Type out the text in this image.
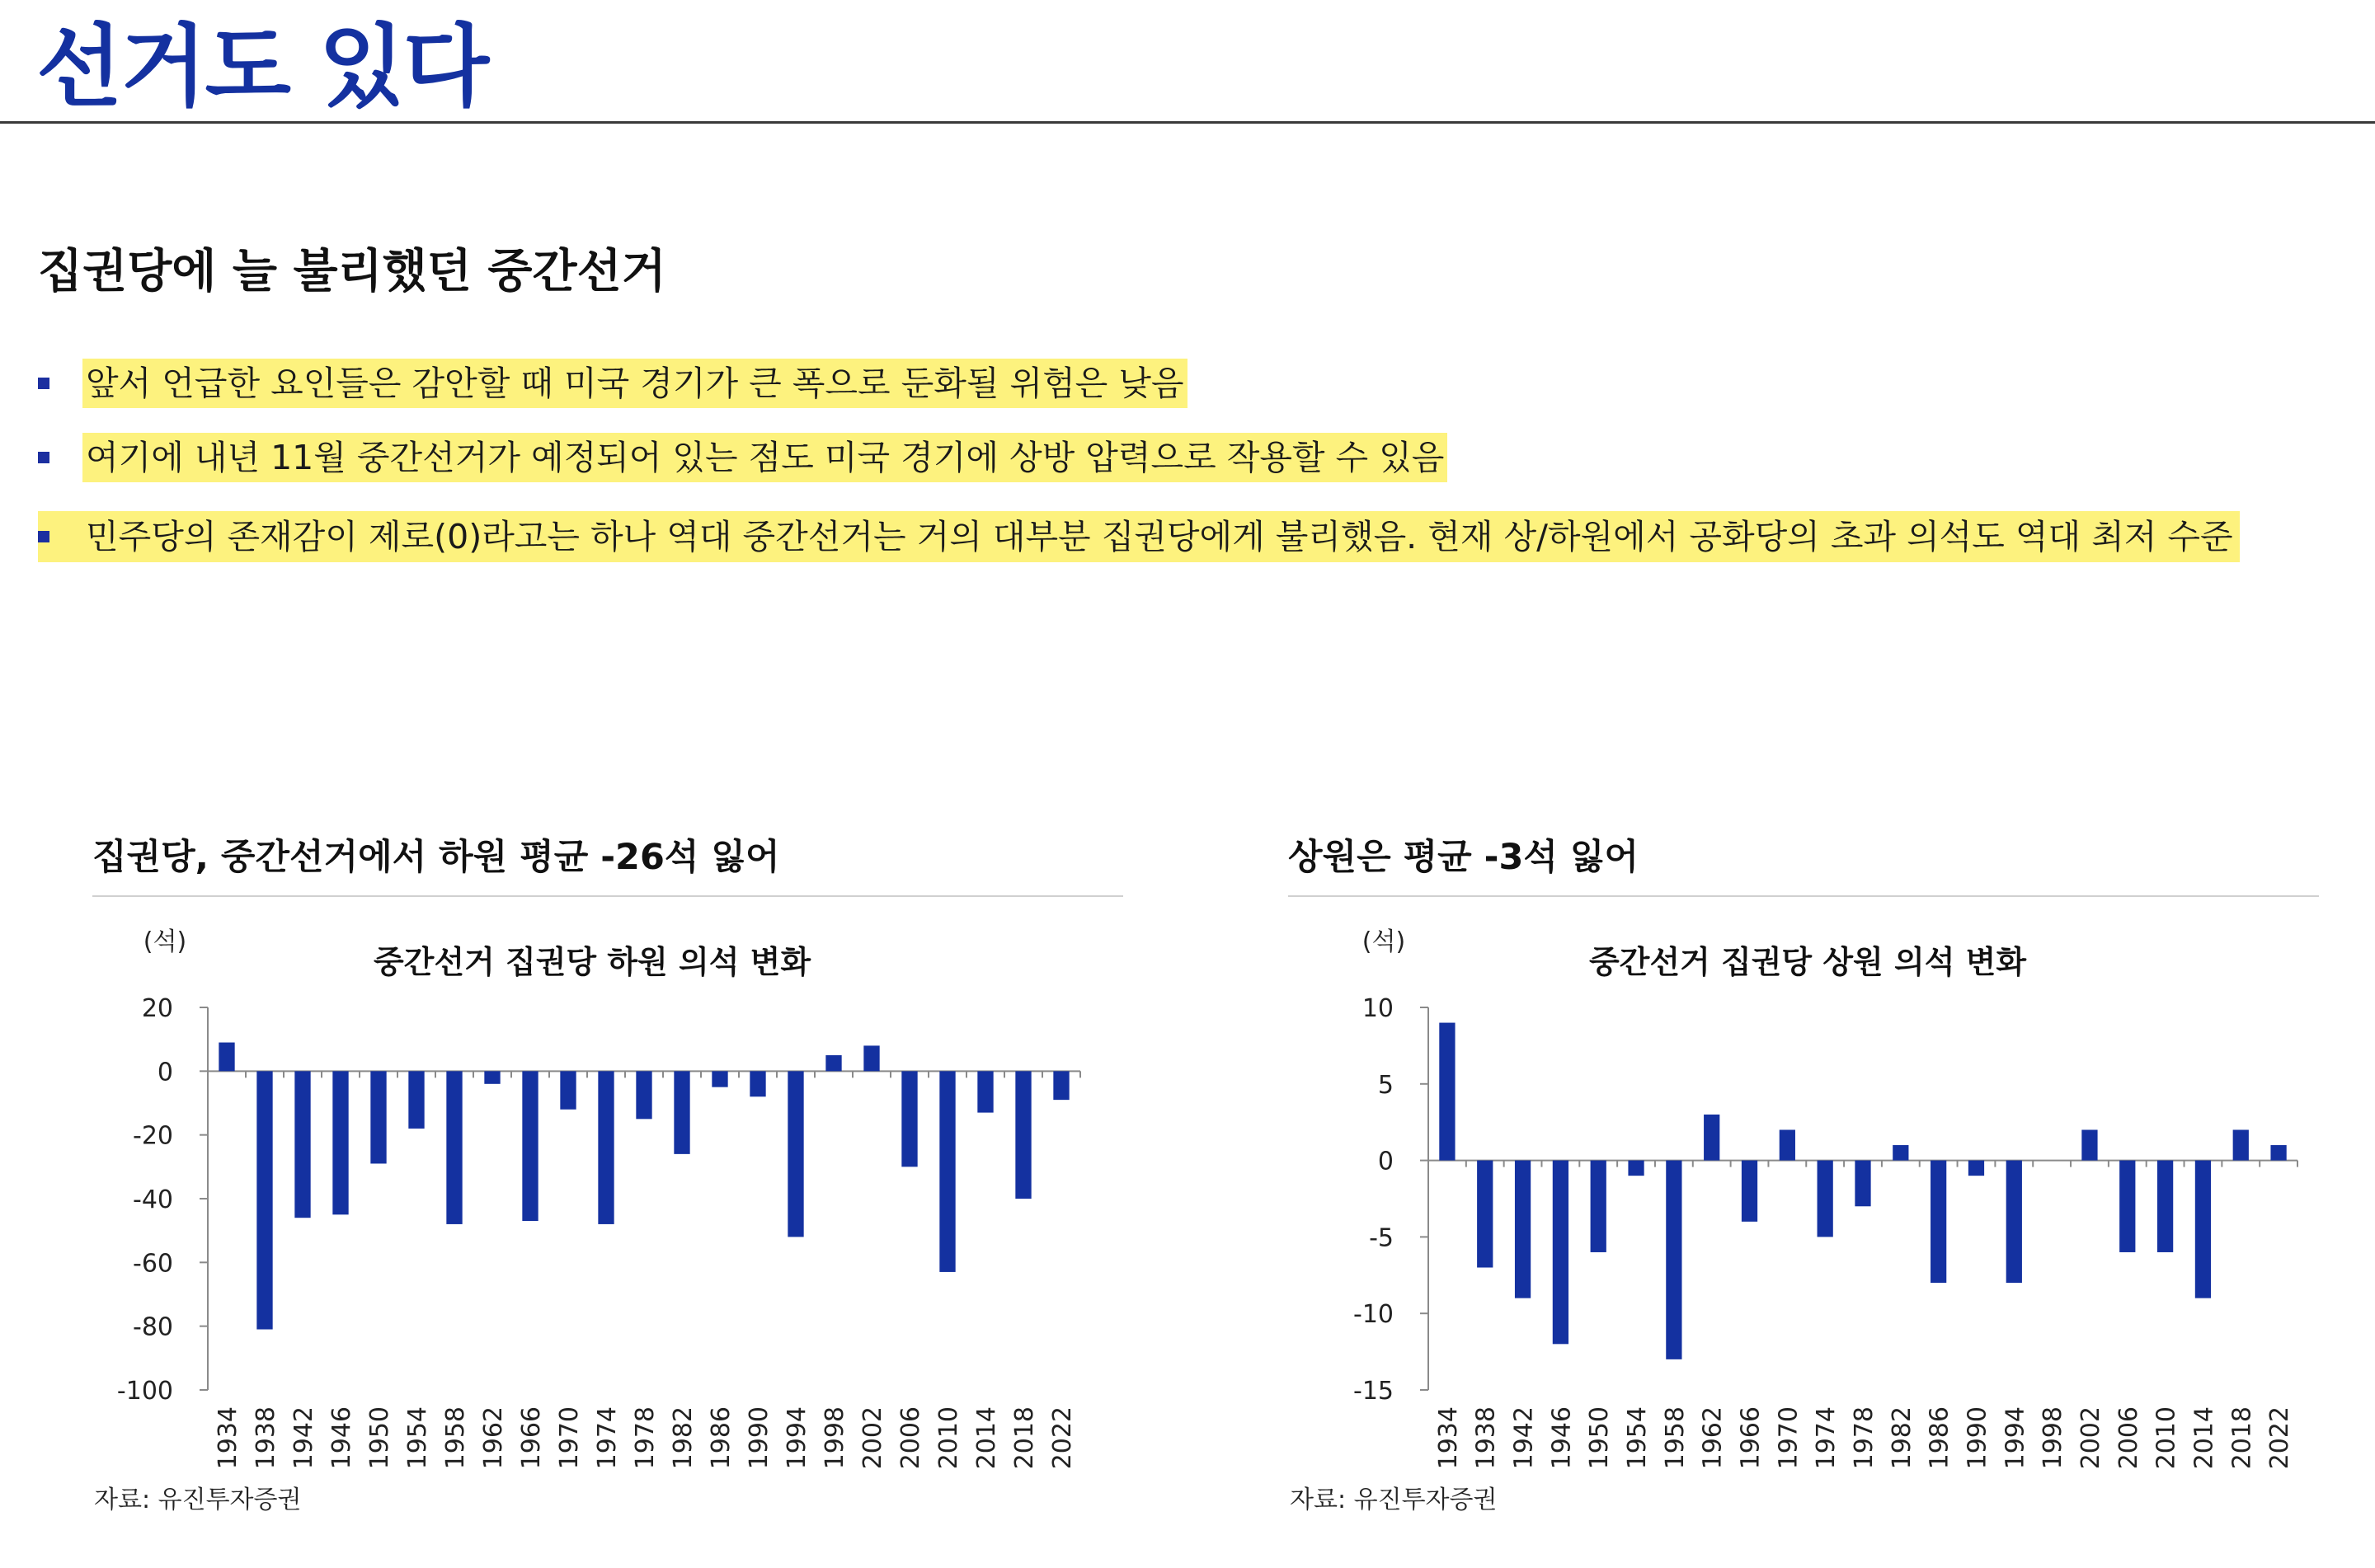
선거도 있다
집권당에 늘 불리했던 중간선거
앞서 언급한 요인들은 감안할 때 미국 경기가 큰 폭으로 둔화될 위험은 낮음
여기에 내년 11월 중간선거가 예정되어 있는 점도 미국 경기에 상방 압력으로 작용할 수 있음
민주당의 존재감이 제로(0)라고는 하나 역대 중간선거는 거의 대부분 집권당에게 불리했음. 현재 상/하원에서 공화당의 초과 의석도 역대 최저 수준
집권당, 중간선거에서 하원 평균 -26석 잃어
(석)
중간선거 집권당 하원 의석 변화
20
0
-20
-40
-60
-80
-100
1934 1938 1942 1946 1950 1954 1958 1962 1966 1970 1974 1978 1982 1986 1990 1994 1998 2002 2006 2010 2014 2018 2022
자료: 유진투자증권
상원은 평균 -3석 잃어
(석)
중간선거 집권당 상원 의석 변화
10
5
0
-5
-10
-15
1934 1938 1942 1946 1950 1954 1958 1962 1966 1970 1974 1978 1982 1986 1990 1994 1998 2002 2006 2010 2014 2018 2022
자료: 유진투자증권
